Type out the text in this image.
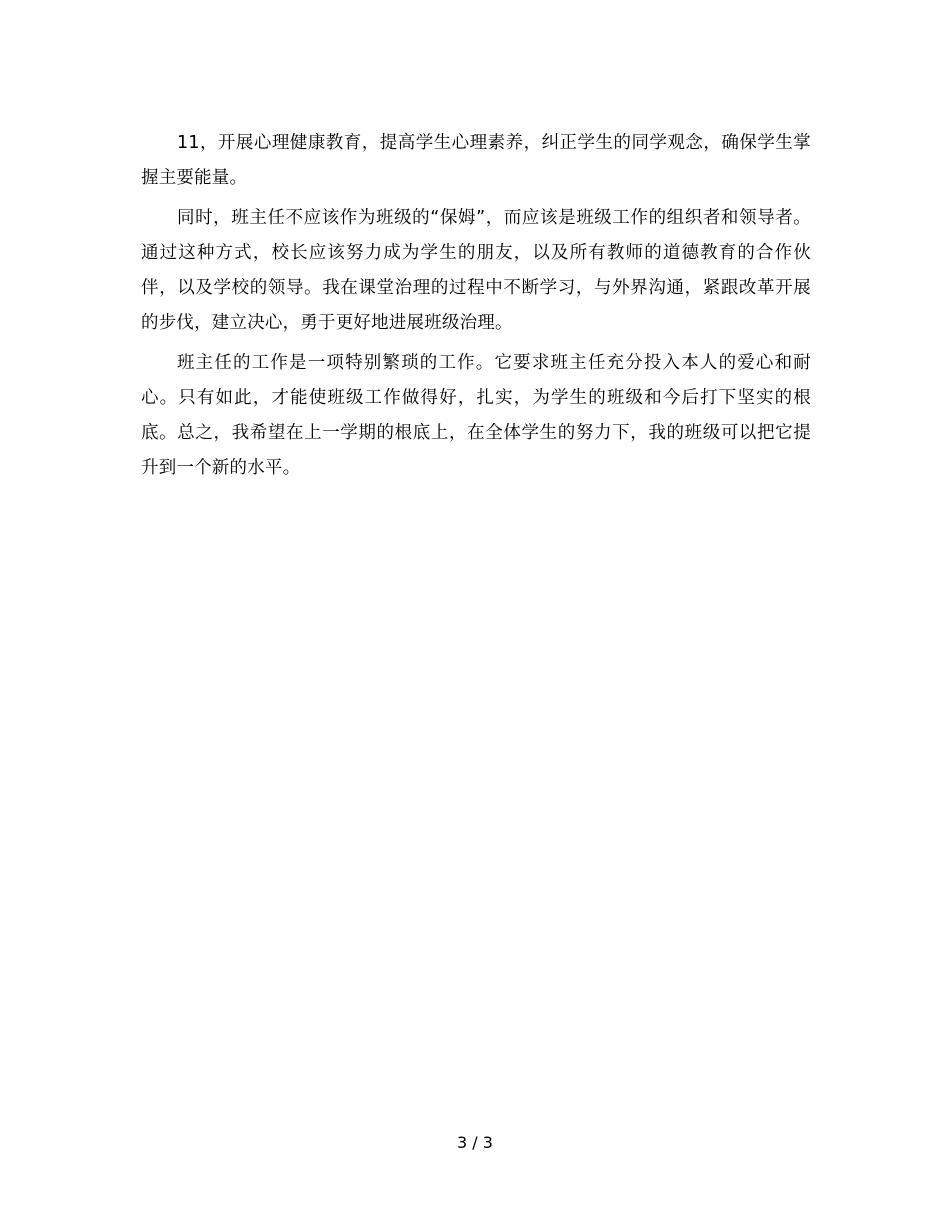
11，开展心理健康教育，提高学生心理素养，纠正学生的同学观念，确保学生掌握主要能量。

同时，班主任不应该作为班级的“保姆”，而应该是班级工作的组织者和领导者。通过这种方式，校长应该努力成为学生的朋友，以及所有教师的道德教育的合作伙伴，以及学校的领导。我在课堂治理的过程中不断学习，与外界沟通，紧跟改革开展的步伐，建立决心，勇于更好地进展班级治理。

班主任的工作是一项特别繁琐的工作。它要求班主任充分投入本人的爱心和耐心。只有如此，才能使班级工作做得好，扎实，为学生的班级和今后打下坚实的根底。总之，我希望在上一学期的根底上，在全体学生的努力下，我的班级可以把它提升到一个新的水平。

3 / 3
